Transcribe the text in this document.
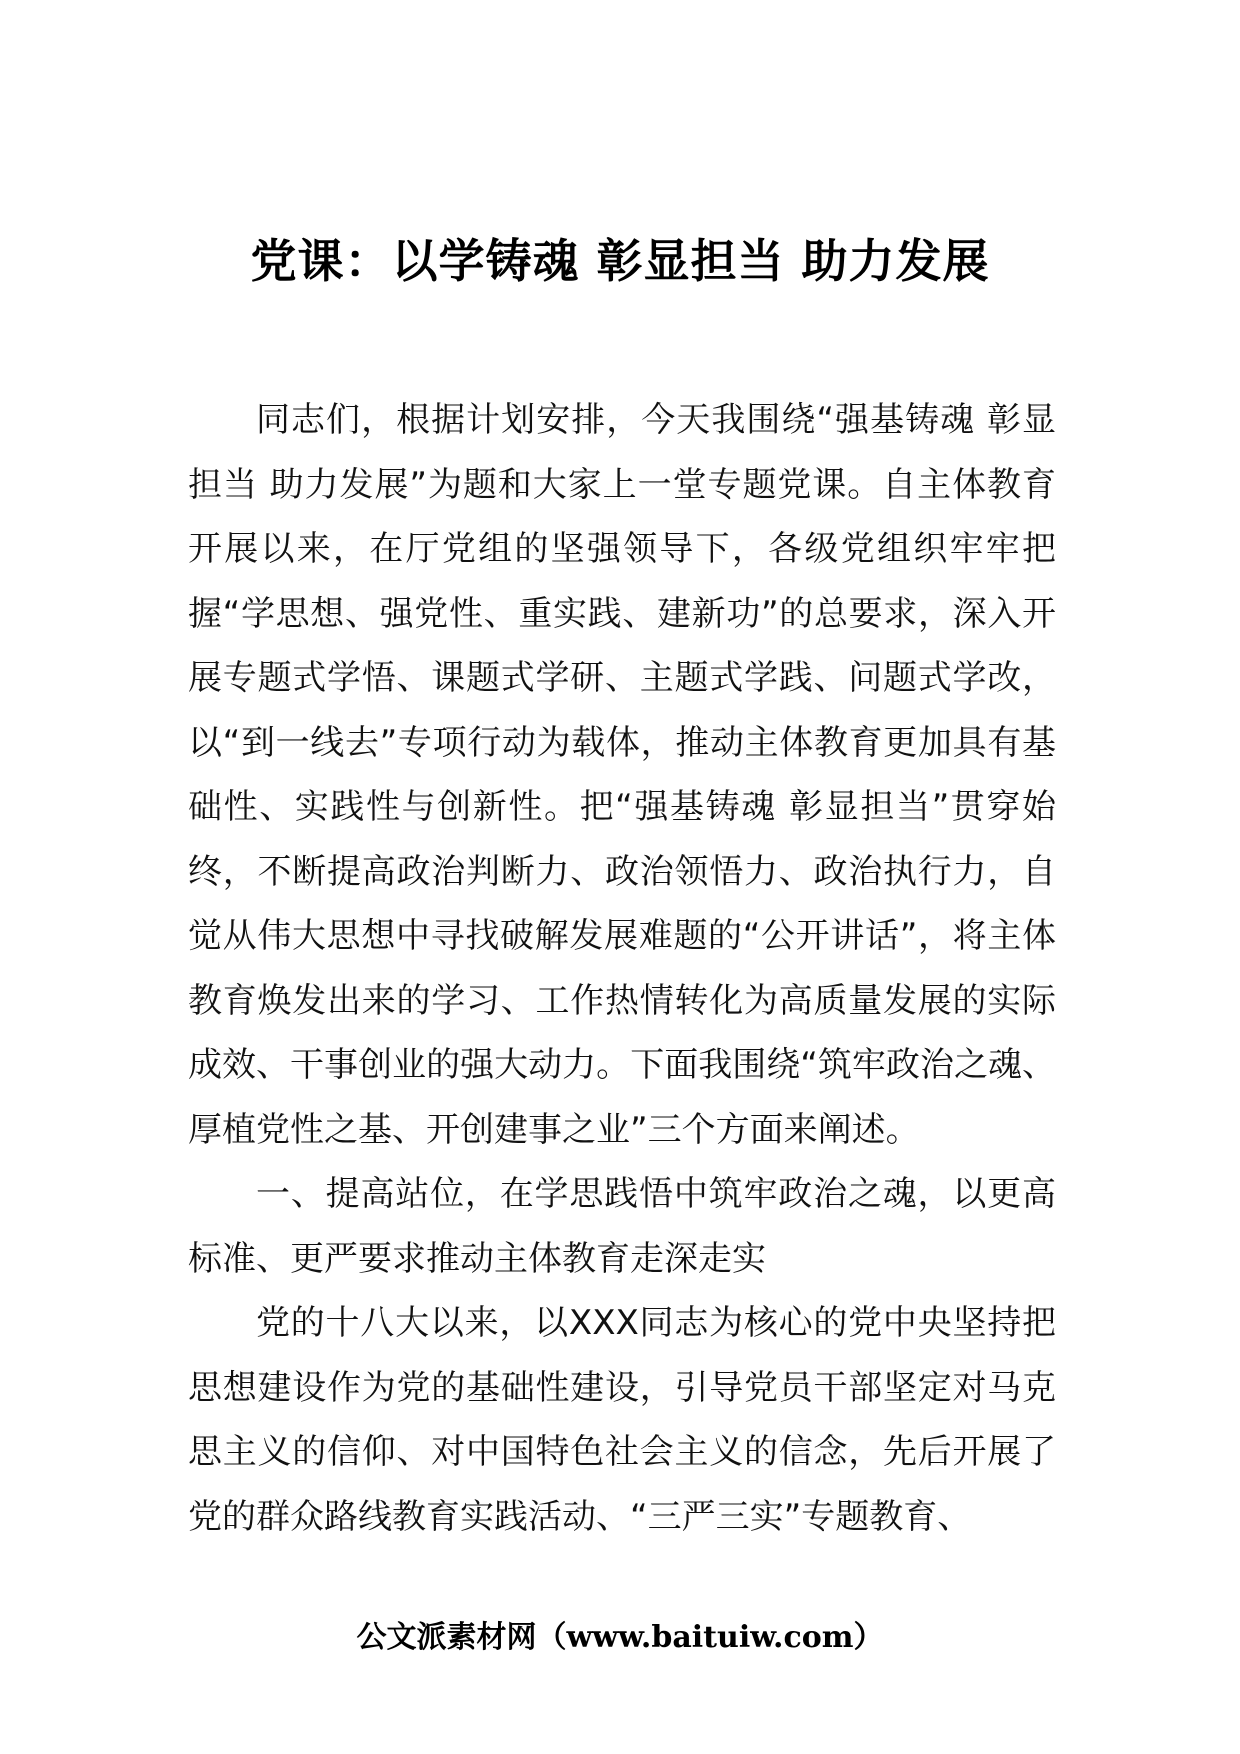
党课：以学铸魂 彰显担当 助力发展

同志们，根据计划安排，今天我围绕“强基铸魂 彰显担当 助力发展”为题和大家上一堂专题党课。自主体教育开展以来，在厅党组的坚强领导下，各级党组织牢牢把握“学思想、强党性、重实践、建新功”的总要求，深入开展专题式学悟、课题式学研、主题式学践、问题式学改，以“到一线去”专项行动为载体，推动主体教育更加具有基础性、实践性与创新性。把“强基铸魂 彰显担当”贯穿始终，不断提高政治判断力、政治领悟力、政治执行力，自觉从伟大思想中寻找破解发展难题的“公开讲话”，将主体教育焕发出来的学习、工作热情转化为高质量发展的实际成效、干事创业的强大动力。下面我围绕“筑牢政治之魂、厚植党性之基、开创建事之业”三个方面来阐述。

一、提高站位，在学思践悟中筑牢政治之魂，以更高标准、更严要求推动主体教育走深走实

党的十八大以来，以XXX同志为核心的党中央坚持把思想建设作为党的基础性建设，引导党员干部坚定对马克思主义的信仰、对中国特色社会主义的信念，先后开展了党的群众路线教育实践活动、“三严三实”专题教育、

公文派素材网（www.baituiw.com）
